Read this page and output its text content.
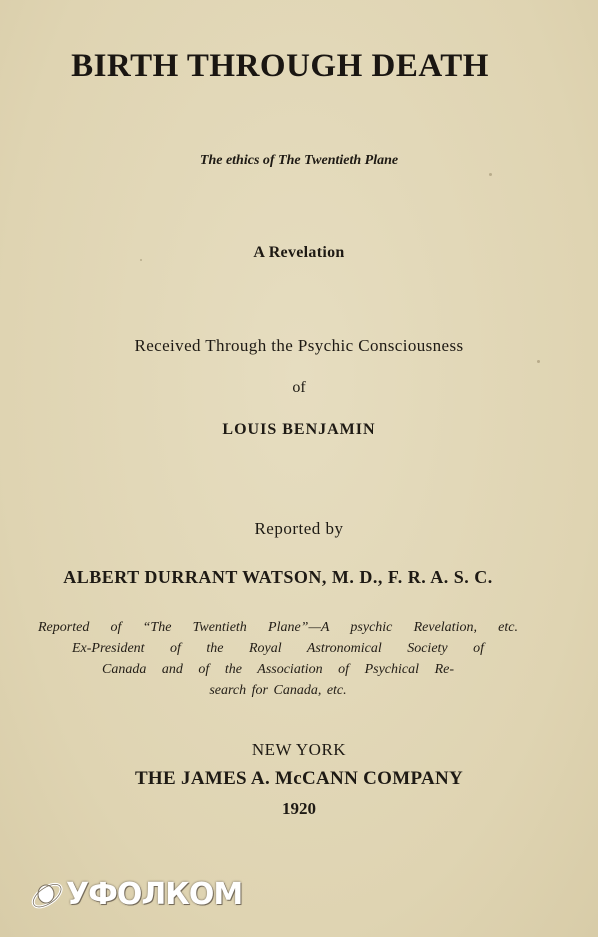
BIRTH THROUGH DEATH
The ethics of The Twentieth Plane
A Revelation
Received Through the Psychic Consciousness
of
LOUIS BENJAMIN
Reported by
ALBERT DURRANT WATSON, M. D., F. R. A. S. C.
Reported of “The Twentieth Plane”—A psychic Revelation, etc.
Ex-President of the Royal Astronomical Society of
Canada and of the Association of Psychical Re-
search for Canada, etc.
NEW YORK
THE JAMES A. McCANN COMPANY
1920
УФОЛКОМ
